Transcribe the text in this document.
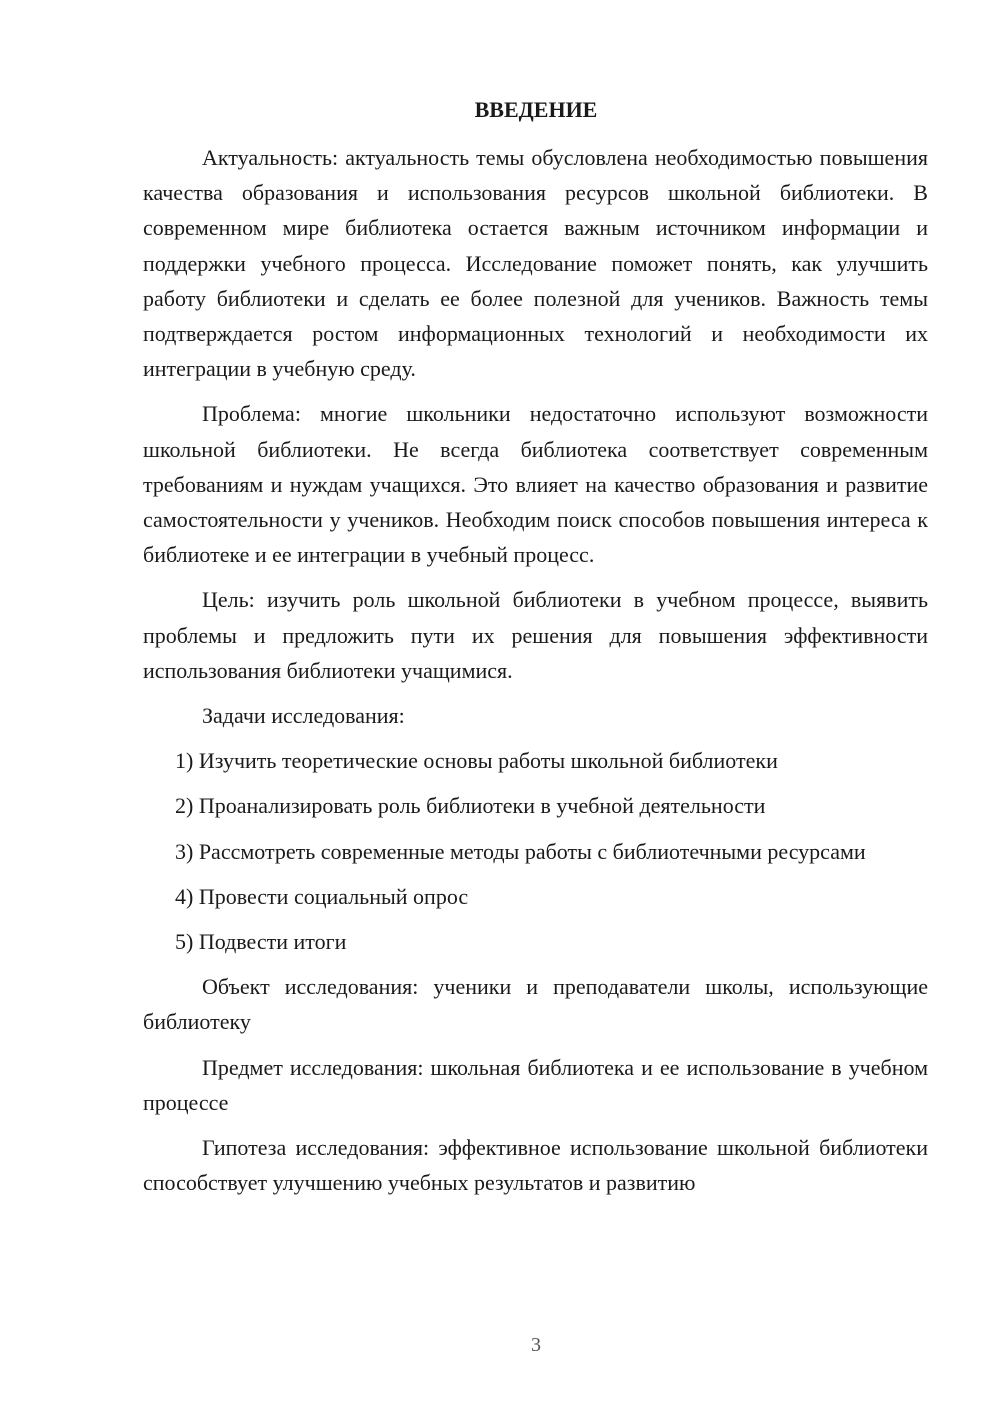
ВВЕДЕНИЕ

Актуальность: актуальность темы обусловлена необходимостью повышения качества образования и использования ресурсов школьной библиотеки. В современном мире библиотека остается важным источником информации и поддержки учебного процесса. Исследование поможет понять, как улучшить работу библиотеки и сделать ее более полезной для учеников. Важность темы подтверждается ростом информационных технологий и необходимости их интеграции в учебную среду.

Проблема: многие школьники недостаточно используют возможности школьной библиотеки. Не всегда библиотека соответствует современным требованиям и нуждам учащихся. Это влияет на качество образования и развитие самостоятельности у учеников. Необходим поиск способов повышения интереса к библиотеке и ее интеграции в учебный процесс.

Цель: изучить роль школьной библиотеки в учебном процессе, выявить проблемы и предложить пути их решения для повышения эффективности использования библиотеки учащимися.

Задачи исследования:

1) Изучить теоретические основы работы школьной библиотеки

2) Проанализировать роль библиотеки в учебной деятельности

3) Рассмотреть современные методы работы с библиотечными ресурсами

4) Провести социальный опрос

5) Подвести итоги

Объект исследования: ученики и преподаватели школы, использующие библиотеку

Предмет исследования: школьная библиотека и ее использование в учебном процессе

Гипотеза исследования: эффективное использование школьной библиотеки способствует улучшению учебных результатов и развитию

3
